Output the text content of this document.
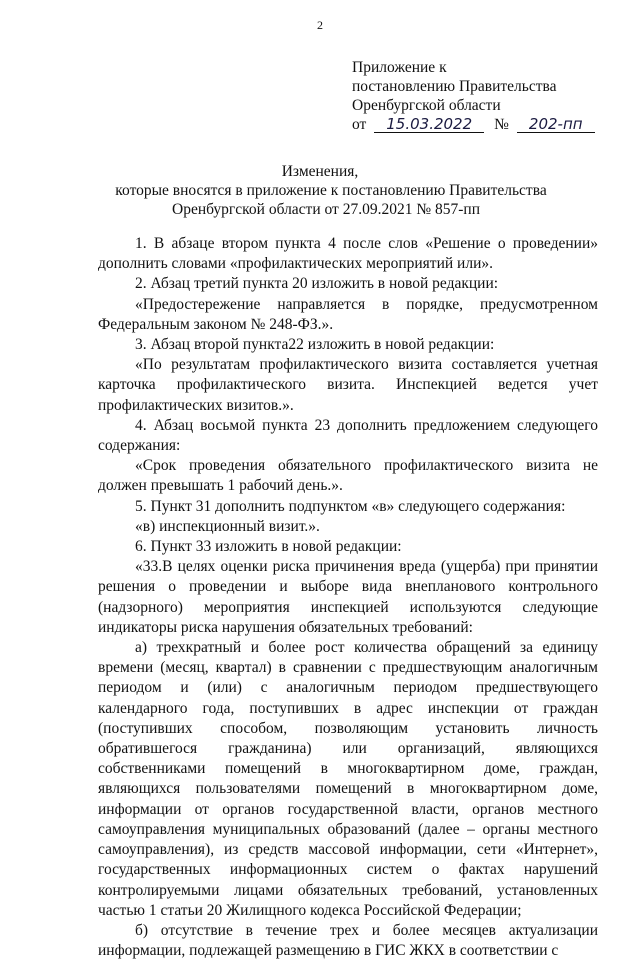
2
Приложение к
постановлению Правительства
Оренбургской области
от 15.03.2022 № 202-пп
Изменения,
которые вносятся в приложение к постановлению Правительства
Оренбургской области от 27.09.2021 № 857-пп

1. В абзаце втором пункта 4 после слов «Решение о проведении» дополнить словами «профилактических мероприятий или».

2. Абзац третий пункта 20 изложить в новой редакции:

«Предостережение направляется в порядке, предусмотренном Федеральным законом № 248-ФЗ.».

3. Абзац второй пункта22 изложить в новой редакции:

«По результатам профилактического визита составляется учетная карточка профилактического визита. Инспекцией ведется учет профилактических визитов.».

4. Абзац восьмой пункта 23 дополнить предложением следующего содержания:

«Срок проведения обязательного профилактического визита не должен превышать 1 рабочий день.».

5. Пункт 31 дополнить подпунктом «в» следующего содержания:

«в) инспекционный визит.».

6. Пункт 33 изложить в новой редакции:

«33.В целях оценки риска причинения вреда (ущерба) при принятии решения о проведении и выборе вида внепланового контрольного (надзорного) мероприятия инспекцией используются следующие индикаторы риска нарушения обязательных требований:

а) трехкратный и более рост количества обращений за единицу времени (месяц, квартал) в сравнении с предшествующим аналогичным периодом и (или) с аналогичным периодом предшествующего календарного года, поступивших в адрес инспекции от граждан (поступивших способом, позволяющим установить личность обратившегося гражданина) или организаций, являющихся собственниками помещений в многоквартирном доме, граждан, являющихся пользователями помещений в многоквартирном доме, информации от органов государственной власти, органов местного самоуправления муниципальных образований (далее – органы местного самоуправления), из средств массовой информации, сети «Интернет», государственных информационных систем о фактах нарушений контролируемыми лицами обязательных требований, установленных частью 1 статьи 20 Жилищного кодекса Российской Федерации;

б) отсутствие в течение трех и более месяцев актуализации информации, подлежащей размещению в ГИС ЖКХ в соответствии с
